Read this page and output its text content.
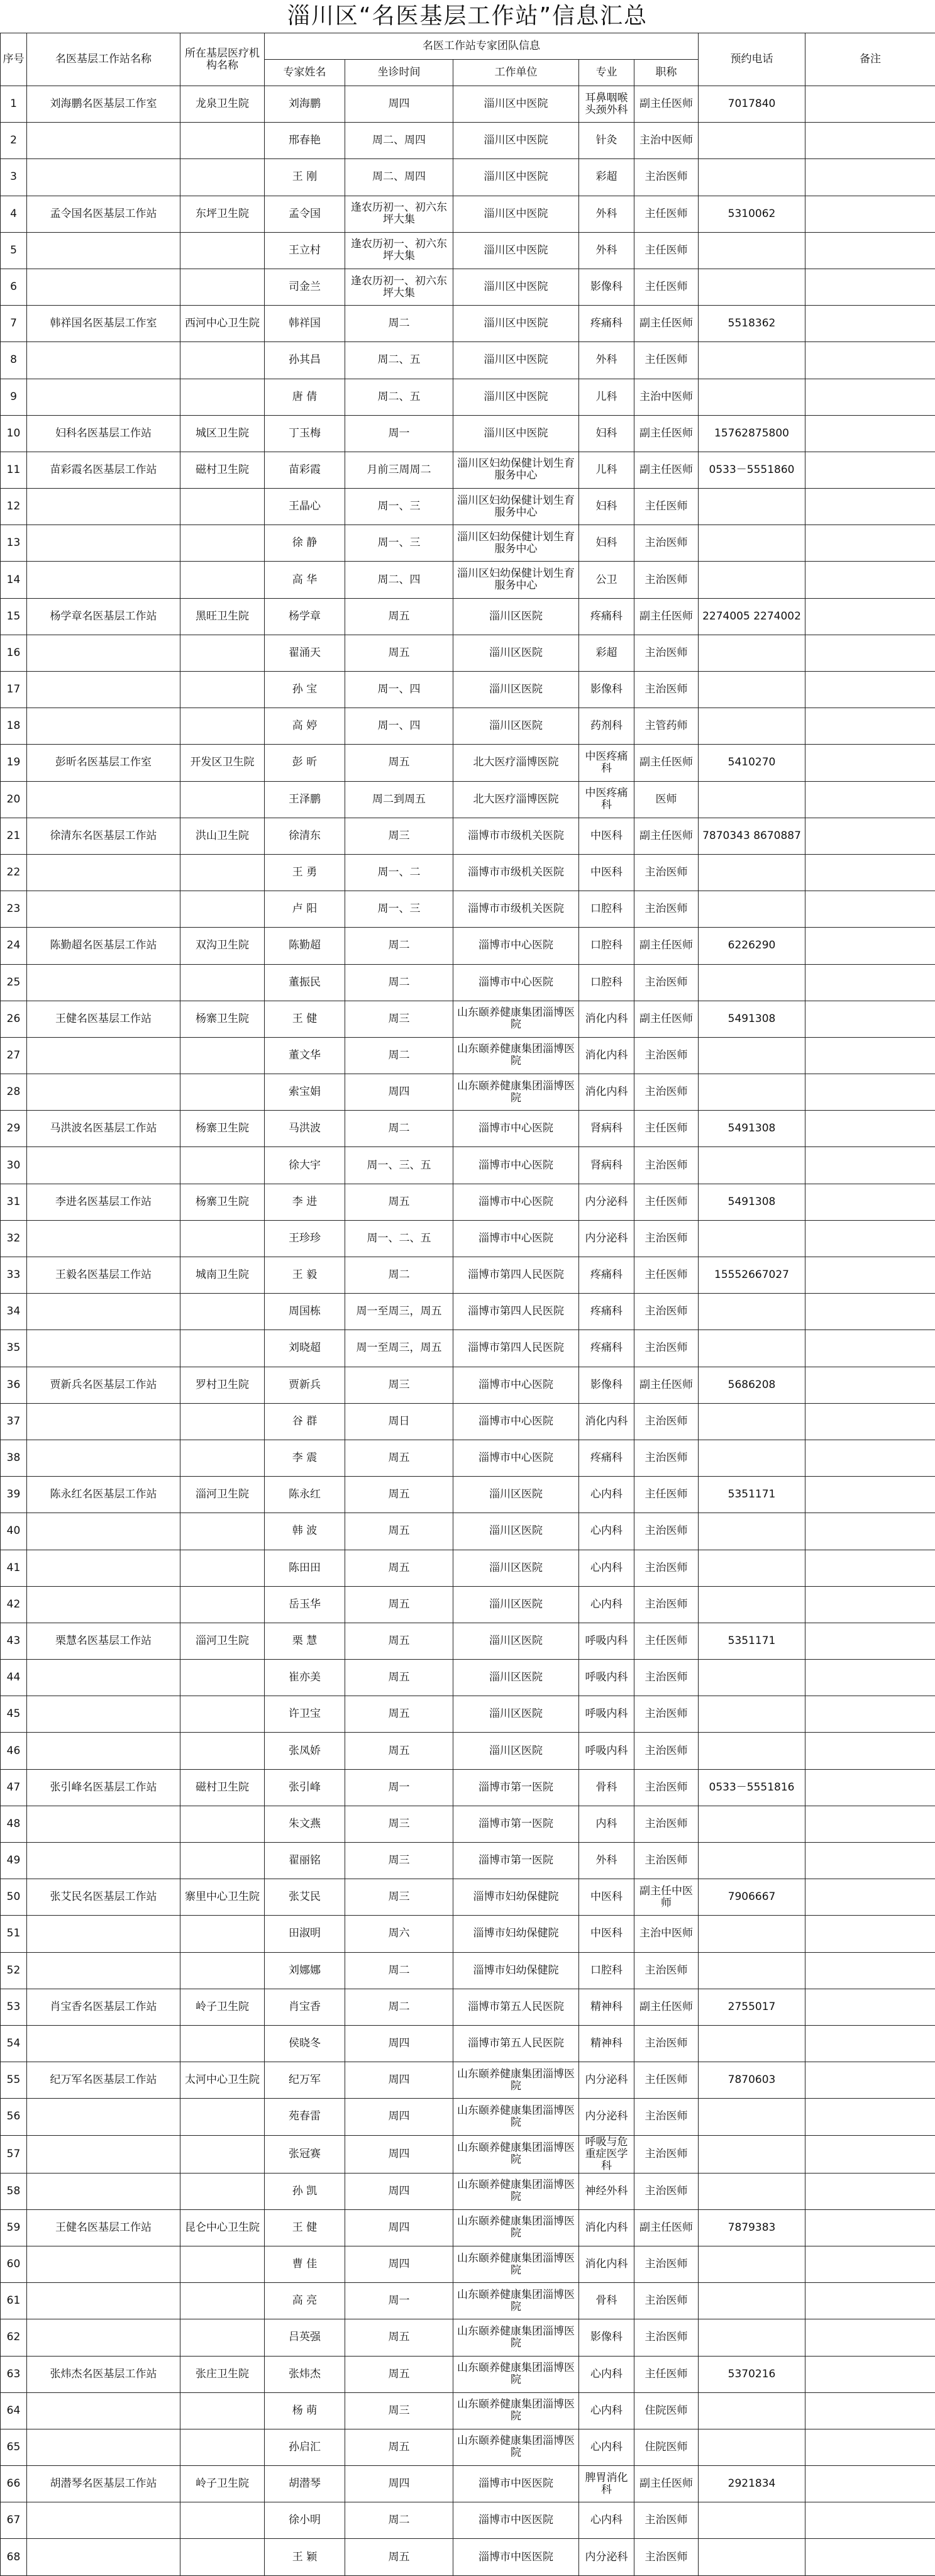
淄川区“名医基层工作站”信息汇总
序号	名医基层工作站名称	所在基层医疗机构名称	名医工作站专家团队信息					预约电话	备注
			专家姓名	坐诊时间	工作单位	专业	职称		
1	刘海鹏名医基层工作室	龙泉卫生院	刘海鹏	周四	淄川区中医院	耳鼻咽喉头颈外科	副主任医师	7017840	
2			邢春艳	周二、周四	淄川区中医院	针灸	主治中医师		
3			王 刚	周二、周四	淄川区中医院	彩超	主治医师		
4	孟令国名医基层工作站	东坪卫生院	孟令国	逢农历初一、初六东坪大集	淄川区中医院	外科	主任医师	5310062	
5			王立村	逢农历初一、初六东坪大集	淄川区中医院	外科	主任医师		
6			司金兰	逢农历初一、初六东坪大集	淄川区中医院	影像科	主任医师		
7	韩祥国名医基层工作室	西河中心卫生院	韩祥国	周二	淄川区中医院	疼痛科	副主任医师	5518362	
8			孙其昌	周二、五	淄川区中医院	外科	主任医师		
9			唐 倩	周二、五	淄川区中医院	儿科	主治中医师		
10	妇科名医基层工作站	城区卫生院	丁玉梅	周一	淄川区中医院	妇科	副主任医师	15762875800	
11	苗彩霞名医基层工作站	磁村卫生院	苗彩霞	月前三周周二	淄川区妇幼保健计划生育服务中心	儿科	副主任医师	0533－5551860	
12			王晶心	周一、三	淄川区妇幼保健计划生育服务中心	妇科	主任医师		
13			徐 静	周一、三	淄川区妇幼保健计划生育服务中心	妇科	主治医师		
14			高 华	周二、四	淄川区妇幼保健计划生育服务中心	公卫	主治医师		
15	杨学章名医基层工作站	黑旺卫生院	杨学章	周五	淄川区医院	疼痛科	副主任医师	2274005 2274002	
16			翟涌天	周五	淄川区医院	彩超	主治医师		
17			孙 宝	周一、四	淄川区医院	影像科	主治医师		
18			高 婷	周一、四	淄川区医院	药剂科	主管药师		
19	彭昕名医基层工作室	开发区卫生院	彭 昕	周五	北大医疗淄博医院	中医疼痛科	副主任医师	5410270	
20			王泽鹏	周二到周五	北大医疗淄博医院	中医疼痛科	医师		
21	徐清东名医基层工作站	洪山卫生院	徐清东	周三	淄博市市级机关医院	中医科	副主任医师	7870343 8670887	
22			王 勇	周一、二	淄博市市级机关医院	中医科	主治医师		
23			卢 阳	周一、三	淄博市市级机关医院	口腔科	主治医师		
24	陈勤超名医基层工作站	双沟卫生院	陈勤超	周二	淄博市中心医院	口腔科	副主任医师	6226290	
25			董振民	周二	淄博市中心医院	口腔科	主治医师		
26	王健名医基层工作站	杨寨卫生院	王 健	周三	山东颐养健康集团淄博医院	消化内科	副主任医师	5491308	
27			董文华	周二	山东颐养健康集团淄博医院	消化内科	主治医师		
28			索宝娟	周四	山东颐养健康集团淄博医院	消化内科	主治医师		
29	马洪波名医基层工作站	杨寨卫生院	马洪波	周二	淄博市中心医院	肾病科	主任医师	5491308	
30			徐大宇	周一、三、五	淄博市中心医院	肾病科	主治医师		
31	李进名医基层工作站	杨寨卫生院	李 进	周五	淄博市中心医院	内分泌科	主任医师	5491308	
32			王珍珍	周一、二、五	淄博市中心医院	内分泌科	主治医师		
33	王毅名医基层工作站	城南卫生院	王 毅	周二	淄博市第四人民医院	疼痛科	主任医师	15552667027	
34			周国栋	周一至周三，周五	淄博市第四人民医院	疼痛科	主治医师		
35			刘晓超	周一至周三，周五	淄博市第四人民医院	疼痛科	主治医师		
36	贾新兵名医基层工作站	罗村卫生院	贾新兵	周三	淄博市中心医院	影像科	副主任医师	5686208	
37			谷 群	周日	淄博市中心医院	消化内科	主治医师		
38			李 震	周五	淄博市中心医院	疼痛科	主治医师		
39	陈永红名医基层工作站	淄河卫生院	陈永红	周五	淄川区医院	心内科	主任医师	5351171	
40			韩 波	周五	淄川区医院	心内科	主治医师		
41			陈田田	周五	淄川区医院	心内科	主治医师		
42			岳玉华	周五	淄川区医院	心内科	主治医师		
43	栗慧名医基层工作站	淄河卫生院	栗 慧	周五	淄川区医院	呼吸内科	主任医师	5351171	
44			崔亦美	周五	淄川区医院	呼吸内科	主治医师		
45			许卫宝	周五	淄川区医院	呼吸内科	主治医师		
46			张凤娇	周五	淄川区医院	呼吸内科	主治医师		
47	张引峰名医基层工作站	磁村卫生院	张引峰	周一	淄博市第一医院	骨科	主治医师	0533－5551816	
48			朱文燕	周三	淄博市第一医院	内科	主治医师		
49			翟丽铭	周三	淄博市第一医院	外科	主治医师		
50	张艾民名医基层工作站	寨里中心卫生院	张艾民	周三	淄博市妇幼保健院	中医科	副主任中医师	7906667	
51			田淑明	周六	淄博市妇幼保健院	中医科	主治中医师		
52			刘娜娜	周二	淄博市妇幼保健院	口腔科	主治医师		
53	肖宝香名医基层工作站	岭子卫生院	肖宝香	周二	淄博市第五人民医院	精神科	副主任医师	2755017	
54			侯晓冬	周四	淄博市第五人民医院	精神科	主治医师		
55	纪万军名医基层工作站	太河中心卫生院	纪万军	周四	山东颐养健康集团淄博医院	内分泌科	主任医师	7870603	
56			苑春雷	周四	山东颐养健康集团淄博医院	内分泌科	主治医师		
57			张冠赛	周四	山东颐养健康集团淄博医院	呼吸与危重症医学科	主治医师		
58			孙 凯	周四	山东颐养健康集团淄博医院	神经外科	主治医师		
59	王健名医基层工作站	昆仑中心卫生院	王 健	周四	山东颐养健康集团淄博医院	消化内科	副主任医师	7879383	
60			曹 佳	周四	山东颐养健康集团淄博医院	消化内科	主治医师		
61			高 亮	周一	山东颐养健康集团淄博医院	骨科	主治医师		
62			吕英强	周五	山东颐养健康集团淄博医院	影像科	主治医师		
63	张炜杰名医基层工作站	张庄卫生院	张炜杰	周五	山东颐养健康集团淄博医院	心内科	主任医师	5370216	
64			杨 萌	周三	山东颐养健康集团淄博医院	心内科	住院医师		
65			孙启汇	周五	山东颐养健康集团淄博医院	心内科	住院医师		
66	胡潜琴名医基层工作站	岭子卫生院	胡潜琴	周四	淄博市中医医院	脾胃消化科	副主任医师	2921834	
67			徐小明	周二	淄博市中医医院	心内科	主治医师		
68			王 颖	周五	淄博市中医医院	内分泌科	主治医师		
